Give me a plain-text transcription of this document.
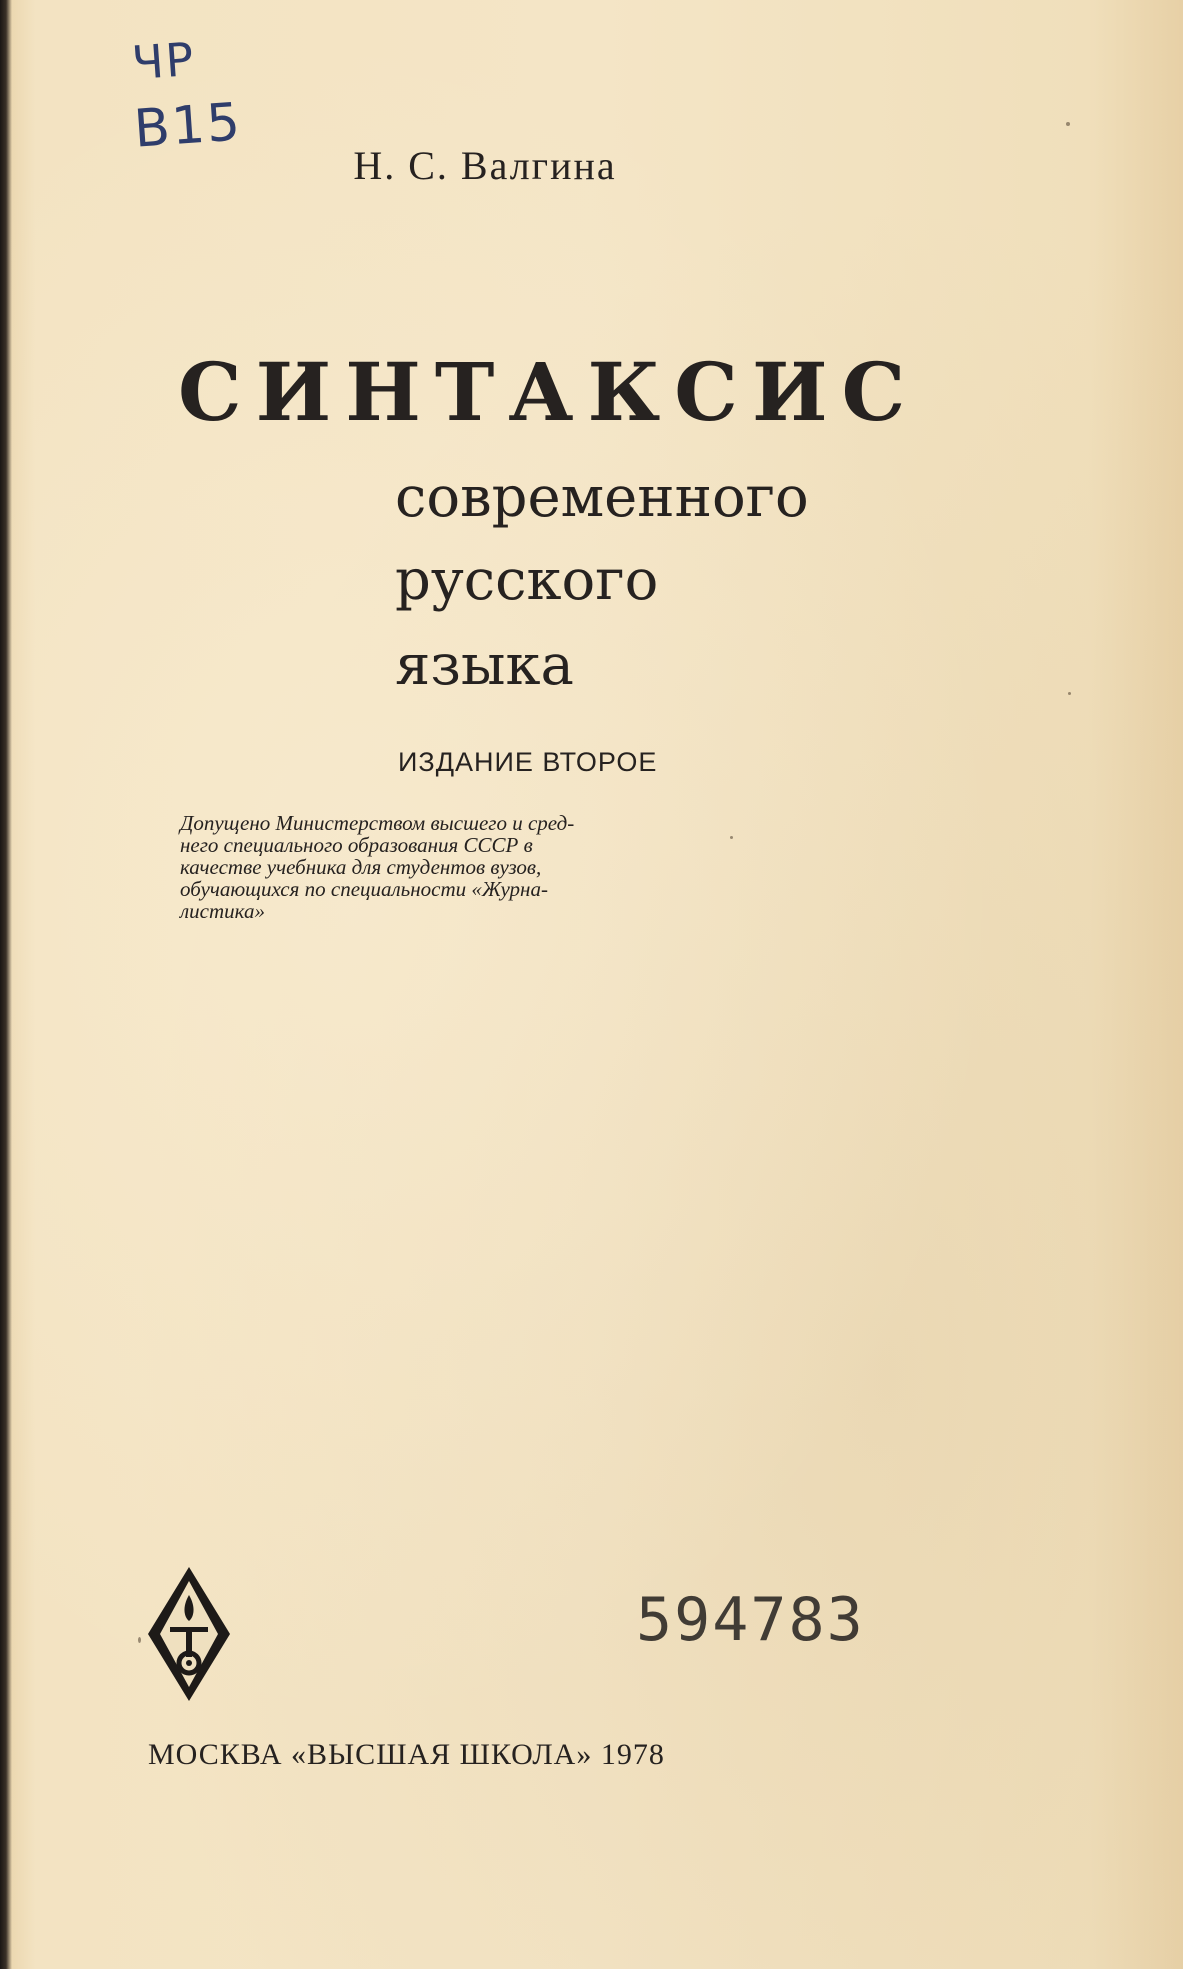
ЧР
В15
Н. С. Валгина
СИНТАКСИС
современного
русского
языка
ИЗДАНИЕ ВТОРОЕ
Допущено Министерством высшего и сред-
него специального образования СССР в
качестве учебника для студентов вузов,
обучающихся по специальности «Журна-
листика»
594783
МОСКВА «ВЫСШАЯ ШКОЛА» 1978
